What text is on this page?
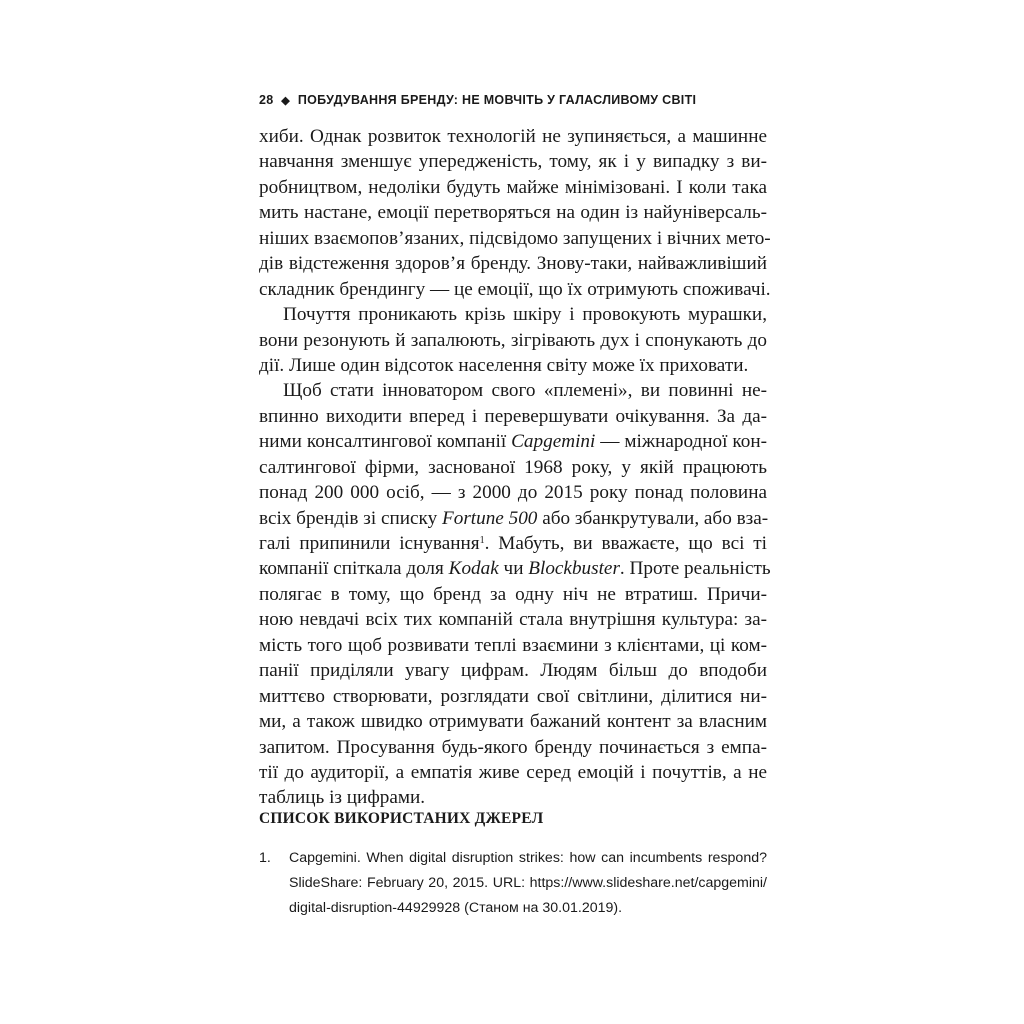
28 ◆ ПОБУДУВАННЯ БРЕНДУ: НЕ МОВЧІТЬ У ГАЛАСЛИВОМУ СВІТІ
хиби. Однак розвиток технологій не зупиняється, а машинне
навчання зменшує упередженість, тому, як і у випадку з ви-
робництвом, недоліки будуть майже мінімізовані. І коли така
мить настане, емоції перетворяться на один із найуніверсаль-
ніших взаємопов’язаних, підсвідомо запущених і вічних мето-
дів відстеження здоров’я бренду. Знову-таки, найважливіший
складник брендингу — це емоції, що їх отримують споживачі.
Почуття проникають крізь шкіру і провокують мурашки,
вони резонують й запалюють, зігрівають дух і спонукають до
дії. Лише один відсоток населення світу може їх приховати.
Щоб стати інноватором свого «племені», ви повинні не-
впинно виходити вперед і перевершувати очікування. За да-
ними консалтингової компанії Capgemini — міжнародної кон-
салтингової фірми, заснованої 1968 року, у якій працюють
понад 200 000 осіб, — з 2000 до 2015 року понад половина
всіх брендів зі списку Fortune 500 або збанкрутували, або вза-
галі припинили існування$^1$. Мабуть, ви вважаєте, що всі ті
компанії спіткала доля Kodak чи Blockbuster. Проте реальність
полягає в тому, що бренд за одну ніч не втратиш. Причи-
ною невдачі всіх тих компаній стала внутрішня культура: за-
мість того щоб розвивати теплі взаємини з клієнтами, ці ком-
панії приділяли увагу цифрам. Людям більш до вподоби
миттєво створювати, розглядати свої світлини, ділитися ни-
ми, а також швидко отримувати бажаний контент за власним
запитом. Просування будь-якого бренду починається з емпа-
тії до аудиторії, а емпатія живе серед емоцій і почуттів, а не
таблиць із цифрами.
СПИСОК ВИКОРИСТАНИХ ДЖЕРЕЛ
1. Capgemini. When digital disruption strikes: how can incumbents respond?
SlideShare: February 20, 2015. URL: https://www.slideshare.net/capgemini/
digital-disruption-44929928 (Станом на 30.01.2019).
